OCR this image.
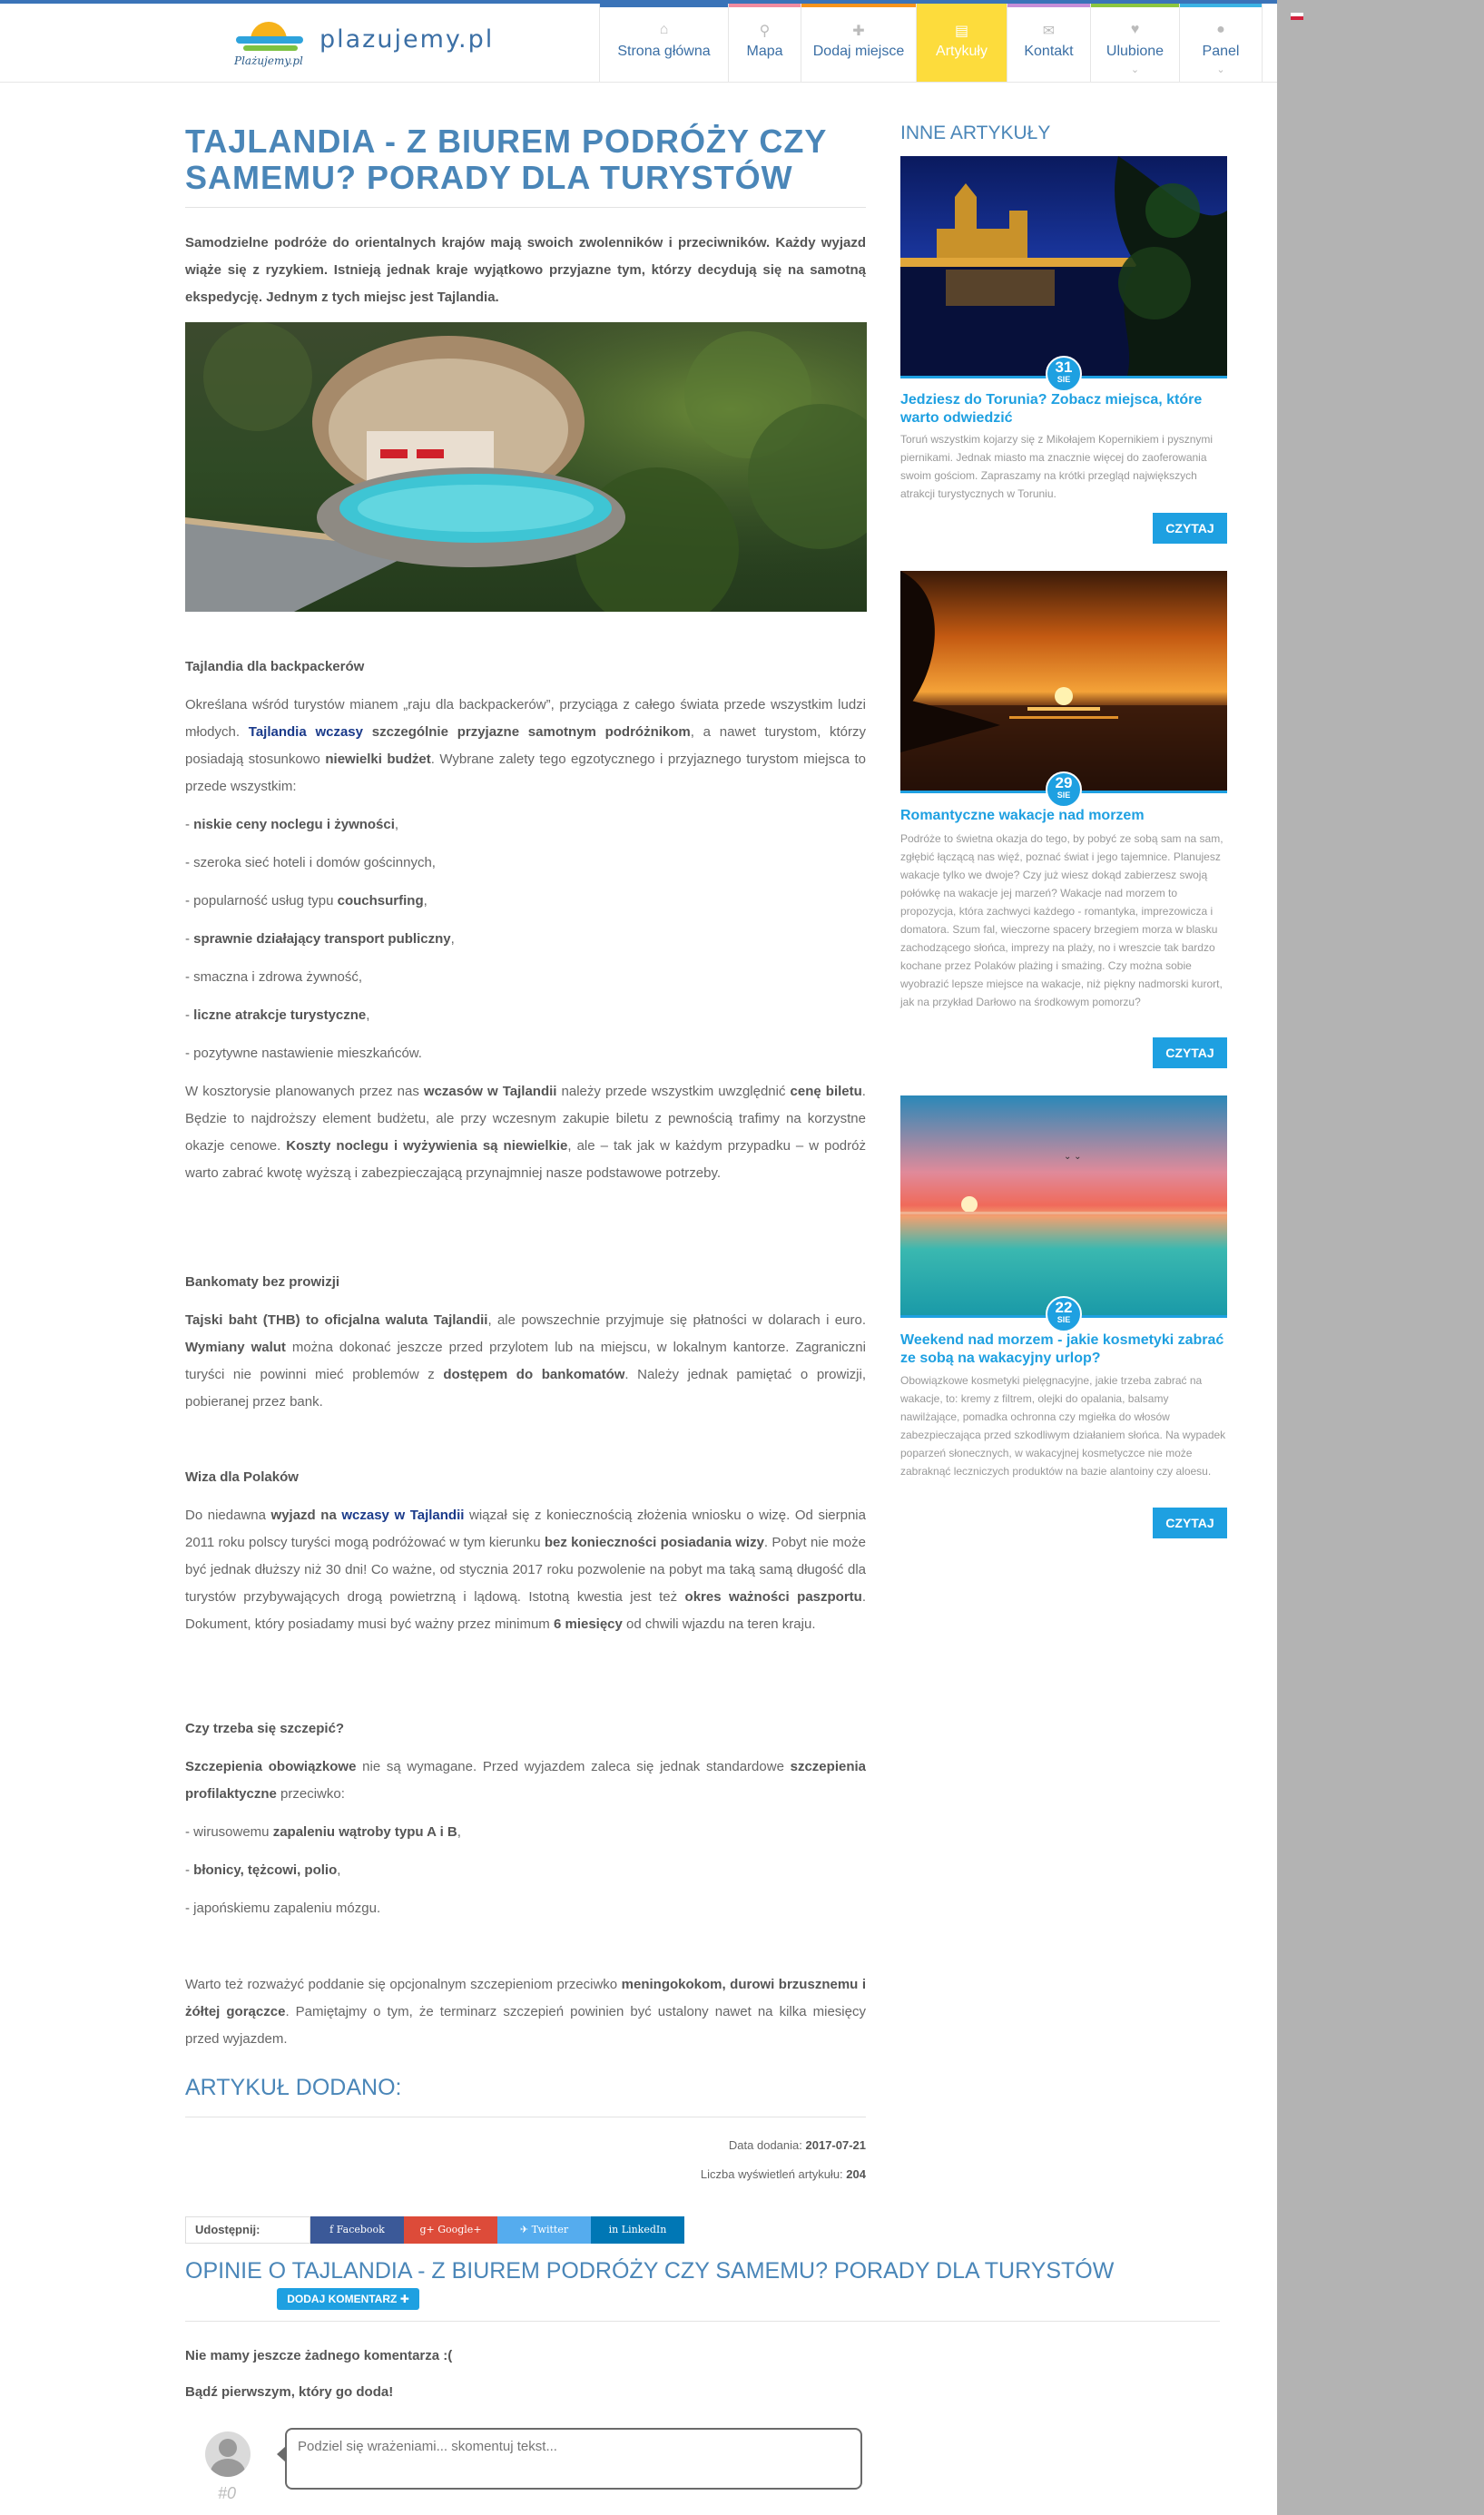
Plażujemy.pl
plazujemy.pl	⌂
Strona główna
⚲
Mapa
✚
Dodaj miejsce
▤
Artykuły
✉
Kontakt
♥
Ulubione
⌄
●
Panel
⌄
TAJLANDIA - Z BIUREM PODRÓŻY CZY SAMEMU? PORADY DLA TURYSTÓW
Samodzielne podróże do orientalnych krajów mają swoich zwolenników i przeciwników. Każdy wyjazd wiąże się z ryzykiem. Istnieją jednak kraje wyjątkowo przyjazne tym, którzy decydują się na samotną ekspedycję. Jednym z tych miejsc jest Tajlandia.
Tajlandia dla backpackerów
Określana wśród turystów mianem „raju dla backpackerów”, przyciąga z całego świata przede wszystkim ludzi młodych. Tajlandia wczasy szczególnie przyjazne samotnym podróżnikom, a nawet turystom, którzy posiadają stosunkowo niewielki budżet. Wybrane zalety tego egzotycznego i przyjaznego turystom miejsca to przede wszystkim:
- niskie ceny noclegu i żywności,
- szeroka sieć hoteli i domów gościnnych,
- popularność usług typu couchsurfing,
- sprawnie działający transport publiczny,
- smaczna i zdrowa żywność,
- liczne atrakcje turystyczne,
- pozytywne nastawienie mieszkańców.
W kosztorysie planowanych przez nas wczasów w Tajlandii należy przede wszystkim uwzględnić cenę biletu. Będzie to najdroższy element budżetu, ale przy wczesnym zakupie biletu z pewnością trafimy na korzystne okazje cenowe. Koszty noclegu i wyżywienia są niewielkie, ale – tak jak w każdym przypadku – w podróż warto zabrać kwotę wyższą i zabezpieczającą przynajmniej nasze podstawowe potrzeby.
Bankomaty bez prowizji
Tajski baht (THB) to oficjalna waluta Tajlandii, ale powszechnie przyjmuje się płatności w dolarach i euro. Wymiany walut można dokonać jeszcze przed przylotem lub na miejscu, w lokalnym kantorze. Zagraniczni turyści nie powinni mieć problemów z dostępem do bankomatów. Należy jednak pamiętać o prowizji, pobieranej przez bank.
Wiza dla Polaków
Do niedawna wyjazd na wczasy w Tajlandii wiązał się z koniecznością złożenia wniosku o wizę. Od sierpnia 2011 roku polscy turyści mogą podróżować w tym kierunku bez konieczności posiadania wizy. Pobyt nie może być jednak dłuższy niż 30 dni! Co ważne, od stycznia 2017 roku pozwolenie na pobyt ma taką samą długość dla turystów przybywających drogą powietrzną i lądową. Istotną kwestia jest też okres ważności paszportu. Dokument, który posiadamy musi być ważny przez minimum 6 miesięcy od chwili wjazdu na teren kraju.
Czy trzeba się szczepić?
Szczepienia obowiązkowe nie są wymagane. Przed wyjazdem zaleca się jednak standardowe szczepienia profilaktyczne przeciwko:
- wirusowemu zapaleniu wątroby typu A i B,
- błonicy, tężcowi, polio,
- japońskiemu zapaleniu mózgu.
Warto też rozważyć poddanie się opcjonalnym szczepieniom przeciwko meningokokom, durowi brzusznemu i żółtej gorączce. Pamiętajmy o tym, że terminarz szczepień powinien być ustalony nawet na kilka miesięcy przed wyjazdem.
ARTYKUŁ DODANO:
Data dodania: 2017-07-21
Liczba wyświetleń artykułu: 204
Udostępnij:	f Facebook	g+ Google+	✈ Twitter	in LinkedIn
OPINIE O TAJLANDIA - Z BIUREM PODRÓŻY CZY SAMEMU? PORADY DLA TURYSTÓW
DODAJ KOMENTARZ ✚
Nie mamy jeszcze żadnego komentarza :(
Bądź pierwszym, który go doda!
#0
Podziel się wrażeniami... skomentuj tekst...
INNE ARTYKUŁY
31
SIE
Jedziesz do Torunia? Zobacz miejsca, które warto odwiedzić
Toruń wszystkim kojarzy się z Mikołajem Kopernikiem i pysznymi piernikami. Jednak miasto ma znacznie więcej do zaoferowania swoim gościom. Zapraszamy na krótki przegląd największych atrakcji turystycznych w Toruniu.
CZYTAJ
29
SIE
Romantyczne wakacje nad morzem
Podróże to świetna okazja do tego, by pobyć ze sobą sam na sam, zgłębić łączącą nas więź, poznać świat i jego tajemnice. Planujesz wakacje tylko we dwoje? Czy już wiesz dokąd zabierzesz swoją połówkę na wakacje jej marzeń? Wakacje nad morzem to propozycja, która zachwyci każdego - romantyka, imprezowicza i domatora. Szum fal, wieczorne spacery brzegiem morza w blasku zachodzącego słońca, imprezy na plaży, no i wreszcie tak bardzo kochane przez Polaków plażing i smażing. Czy można sobie wyobrazić lepsze miejsce na wakacje, niż piękny nadmorski kurort, jak na przykład Darłowo na środkowym pomorzu?
CZYTAJ
⌄ ⌄
22
SIE
Weekend nad morzem - jakie kosmetyki zabrać ze sobą na wakacyjny urlop?
Obowiązkowe kosmetyki pielęgnacyjne, jakie trzeba zabrać na wakacje, to: kremy z filtrem, olejki do opalania, balsamy nawilżające, pomadka ochronna czy mgiełka do włosów zabezpieczająca przed szkodliwym działaniem słońca. Na wypadek poparzeń słonecznych, w wakacyjnej kosmetyczce nie może zabraknąć leczniczych produktów na bazie alantoiny czy aloesu.
CZYTAJ
